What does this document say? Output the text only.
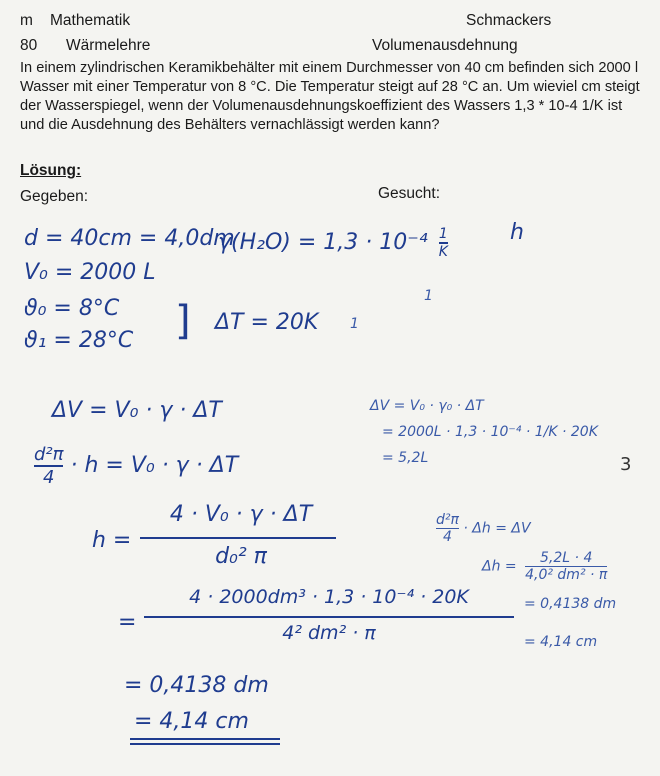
m Mathematik	Schmackers
80 Wärmelehre	Volumenausdehnung
In einem zylindrischen Keramikbehälter mit einem Durchmesser von 40 cm befinden sich 2000 l Wasser mit einer Temperatur von 8 °C. Die Temperatur steigt auf 28 °C an. Um wieviel cm steigt der Wasserspiegel, wenn der Volumenausdehnungskoeffizient des Wassers 1,3 * 10-4 1/K ist und die Ausdehnung des Behälters vernachlässigt werden kann?
Lösung:
Gegeben:	Gesucht:
d = 40cm = 4,0dm
$\gamma(H_2O) = 1,3 \cdot 10^{-4} \frac{1}{K}$	h
V₀ = 2000 L
ϑ₀ = 8°C
ϑ₁ = 28°C ] ΔT = 20K 1
1
ΔV = V₀ · γ · ΔT
$\frac{\text{d²π}}{4} \cdot h = V_0 \cdot \gamma \cdot \Delta T$
h =
4 · V₀ · γ · ΔT
d₀² π
=
4 · 2000dm³ · 1,3 · 10⁻⁴ · 20K
4² dm² · π
= 0,4138 dm
= 4,14 cm
ΔV = V₀ · γ₀ · ΔT
= 2000L · 1,3 · 10⁻⁴ · 1/K · 20K
= 5,2L	3
$\frac{\text{d²π}}{4} \cdot \Delta h = \Delta V$
$\Delta h = \frac{5,2L \cdot 4}{\text{4,0² dm² · π}}$
= 0,4138 dm
= 4,14 cm
